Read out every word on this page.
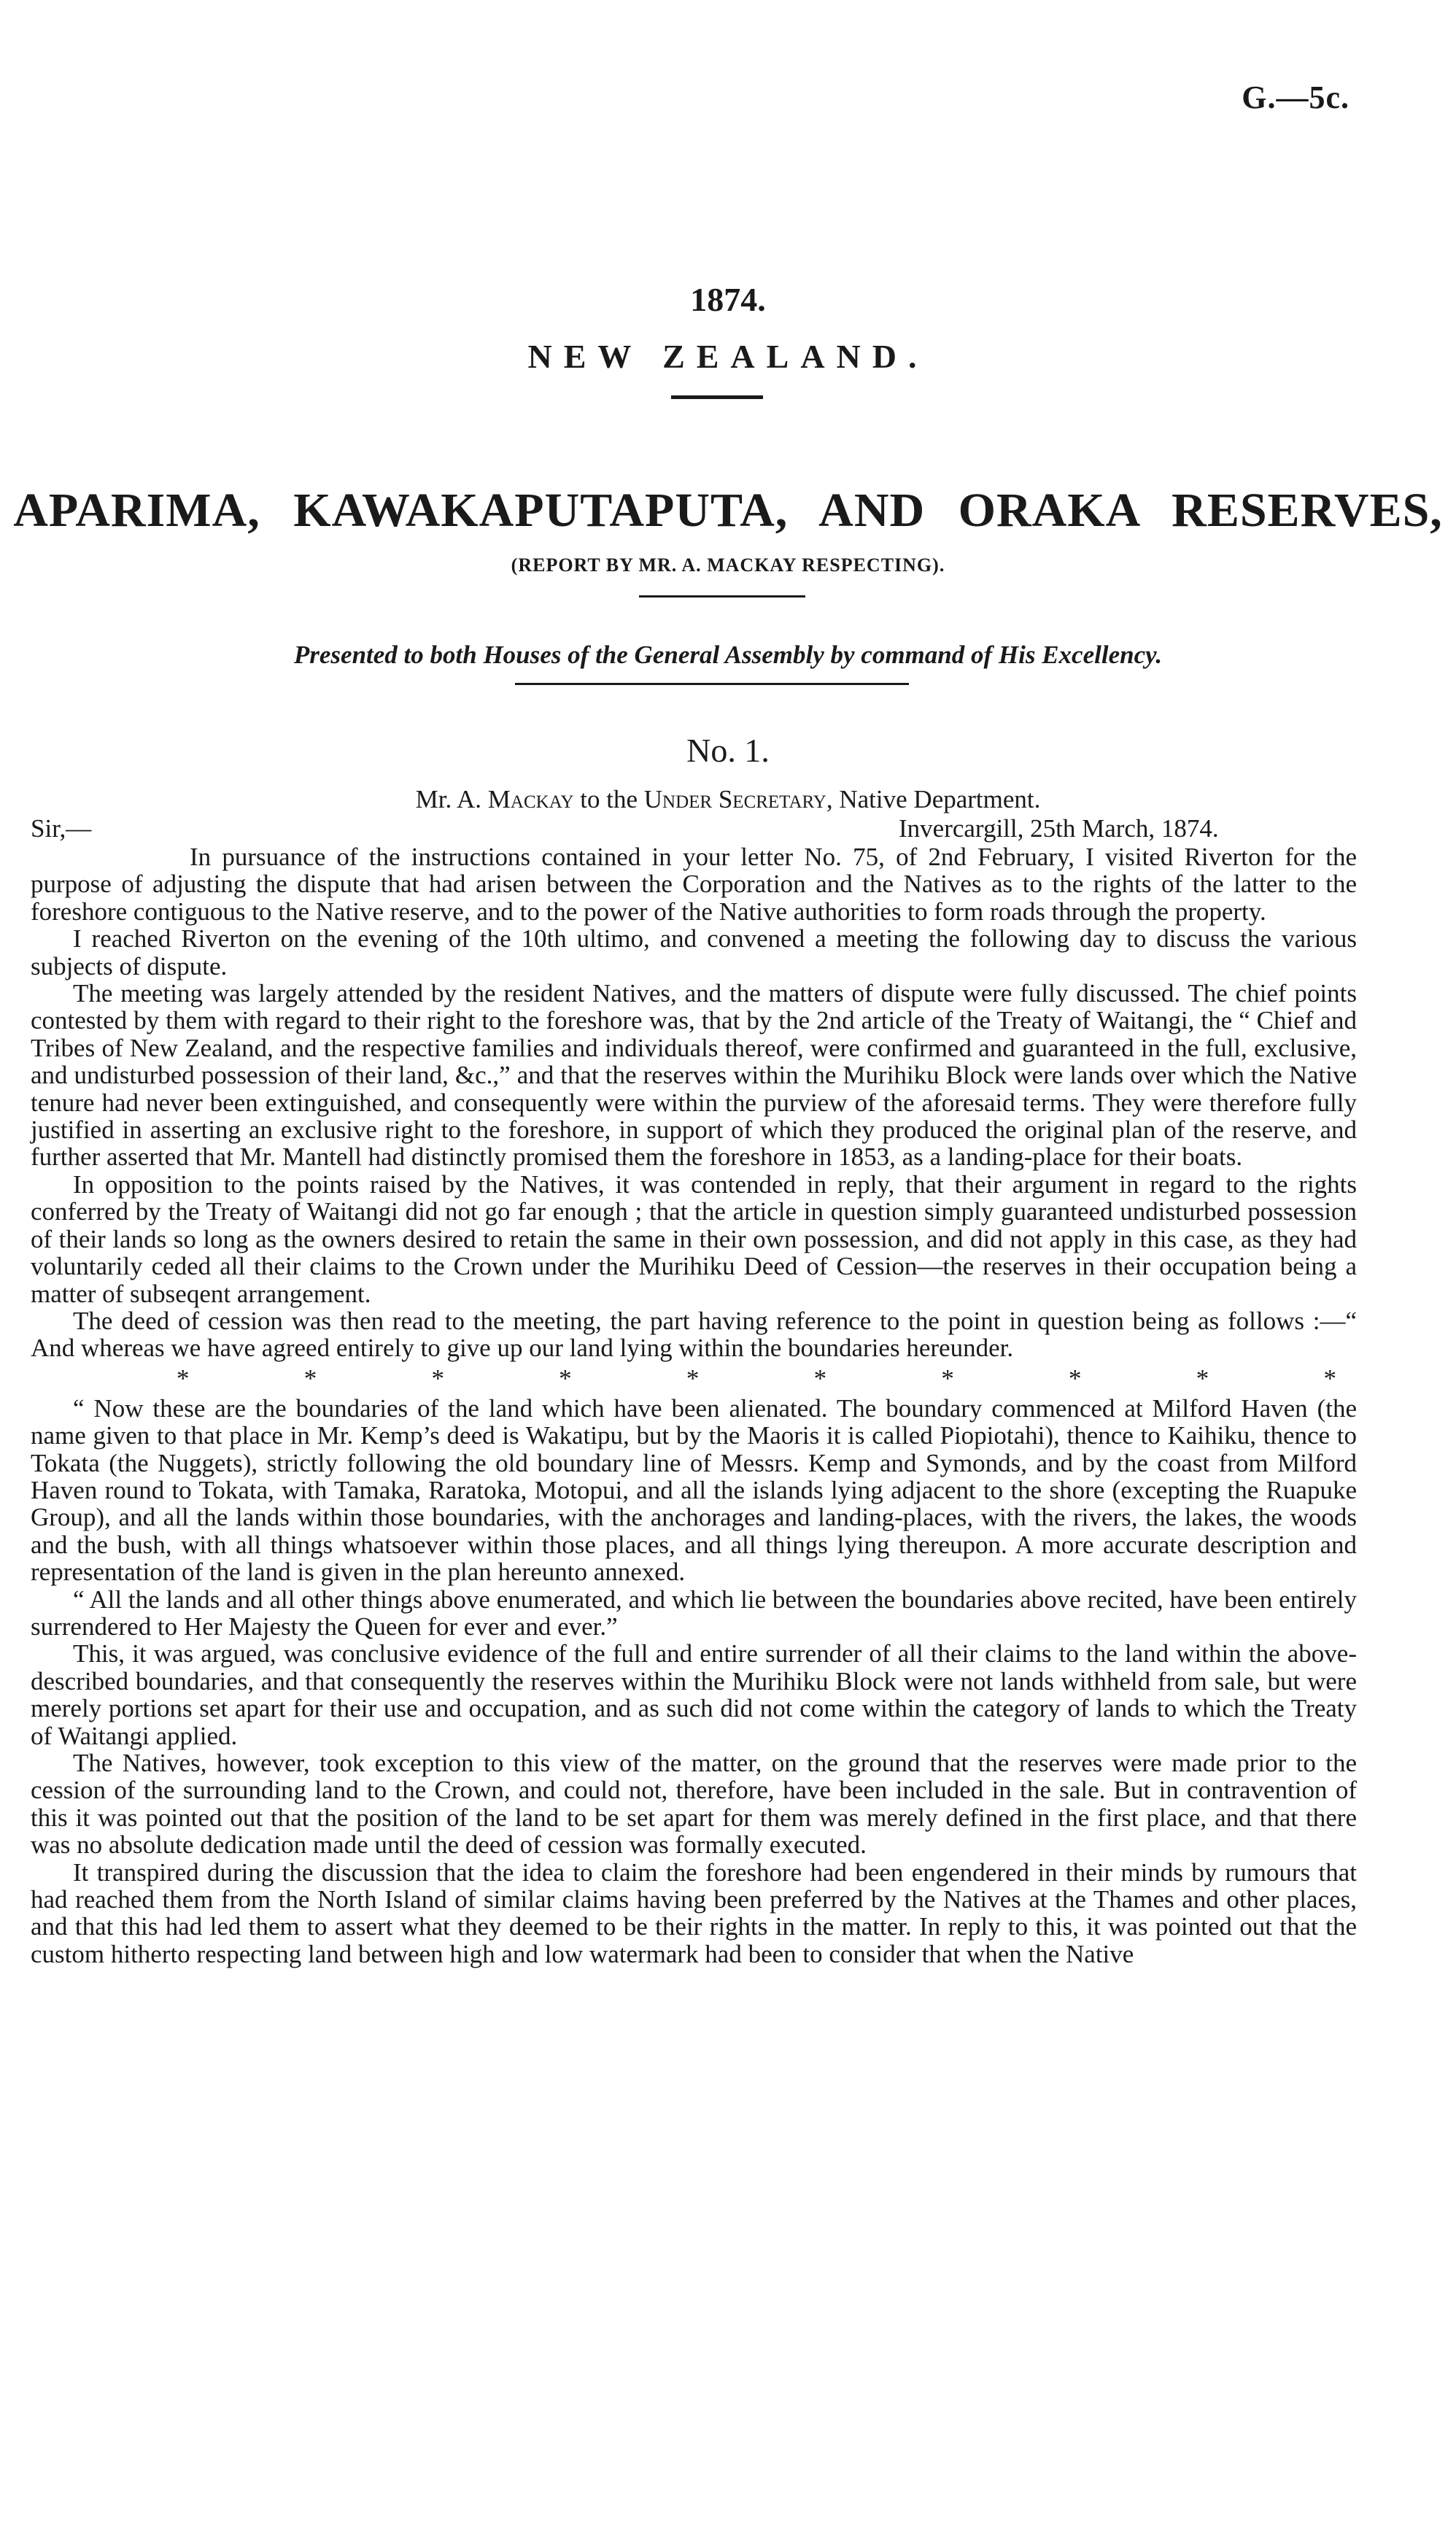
G.—5c.
1874.
NEW ZEALAND.
APARIMA, KAWAKAPUTAPUTA, AND ORAKA RESERVES,
(REPORT BY MR. A. MACKAY RESPECTING).
Presented to both Houses of the General Assembly by command of His Excellency.
No. 1.
Mr. A. Mackay to the Under Secretary, Native Department.
Sir,—	Invercargill, 25th March, 1874.

In pursuance of the instructions contained in your letter No. 75, of 2nd February, I visited Riverton for the purpose of adjusting the dispute that had arisen between the Corporation and the Natives as to the rights of the latter to the foreshore contiguous to the Native reserve, and to the power of the Native authorities to form roads through the property.

I reached Riverton on the evening of the 10th ultimo, and convened a meeting the following day to discuss the various subjects of dispute.

The meeting was largely attended by the resident Natives, and the matters of dispute were fully discussed. The chief points contested by them with regard to their right to the foreshore was, that by the 2nd article of the Treaty of Waitangi, the “ Chief and Tribes of New Zealand, and the respective families and individuals thereof, were confirmed and guaranteed in the full, exclusive, and undisturbed possession of their land, &c.,” and that the reserves within the Murihiku Block were lands over which the Native tenure had never been extinguished, and consequently were within the purview of the aforesaid terms. They were therefore fully justified in asserting an exclusive right to the foreshore, in support of which they produced the original plan of the reserve, and further asserted that Mr. Mantell had distinctly promised them the foreshore in 1853, as a landing-place for their boats.

In opposition to the points raised by the Natives, it was contended in reply, that their argument in regard to the rights conferred by the Treaty of Waitangi did not go far enough ; that the article in question simply guaranteed undisturbed possession of their lands so long as the owners desired to retain the same in their own possession, and did not apply in this case, as they had voluntarily ceded all their claims to the Crown under the Murihiku Deed of Cession—the reserves in their occupation being a matter of subseqent arrangement.

The deed of cession was then read to the meeting, the part having reference to the point in question being as follows :—“ And whereas we have agreed entirely to give up our land lying within the boundaries hereunder.

*	*	*	*	*	*	*	*	*	*

“ Now these are the boundaries of the land which have been alienated. The boundary commenced at Milford Haven (the name given to that place in Mr. Kemp’s deed is Wakatipu, but by the Maoris it is called Piopiotahi), thence to Kaihiku, thence to Tokata (the Nuggets), strictly following the old boundary line of Messrs. Kemp and Symonds, and by the coast from Milford Haven round to Tokata, with Tamaka, Raratoka, Motopui, and all the islands lying adjacent to the shore (excepting the Ruapuke Group), and all the lands within those boundaries, with the anchorages and landing-places, with the rivers, the lakes, the woods and the bush, with all things whatsoever within those places, and all things lying thereupon. A more accurate description and representation of the land is given in the plan hereunto annexed.

“ All the lands and all other things above enumerated, and which lie between the boundaries above recited, have been entirely surrendered to Her Majesty the Queen for ever and ever.”

This, it was argued, was conclusive evidence of the full and entire surrender of all their claims to the land within the above-described boundaries, and that consequently the reserves within the Murihiku Block were not lands withheld from sale, but were merely portions set apart for their use and occupation, and as such did not come within the category of lands to which the Treaty of Waitangi applied.

The Natives, however, took exception to this view of the matter, on the ground that the reserves were made prior to the cession of the surrounding land to the Crown, and could not, therefore, have been included in the sale. But in contravention of this it was pointed out that the position of the land to be set apart for them was merely defined in the first place, and that there was no absolute dedication made until the deed of cession was formally executed.

It transpired during the discussion that the idea to claim the foreshore had been engendered in their minds by rumours that had reached them from the North Island of similar claims having been preferred by the Natives at the Thames and other places, and that this had led them to assert what they deemed to be their rights in the matter. In reply to this, it was pointed out that the custom hitherto respecting land between high and low watermark had been to consider that when the Native
